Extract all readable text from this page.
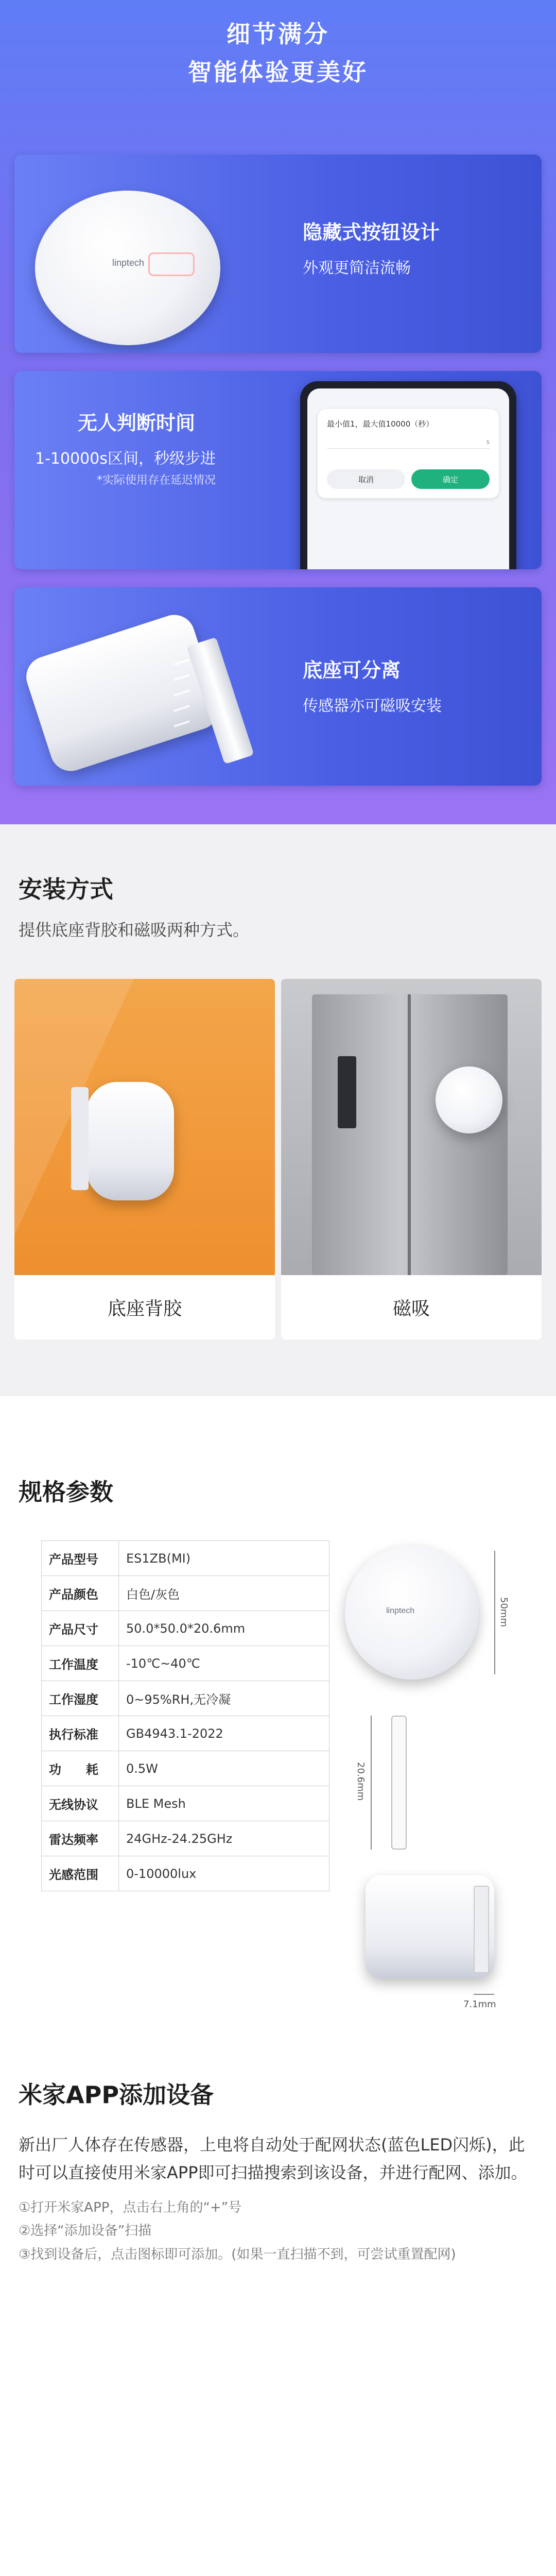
细节满分
智能体验更美好
linptech
隐藏式按钮设计
外观更简洁流畅
无人判断时间
1-10000s区间，秒级步进
*实际使用存在延迟情况
最小值1，最大值10000（秒）
s
取消	确定
底座可分离
传感器亦可磁吸安装
安装方式
提供底座背胶和磁吸两种方式。
底座背胶	磁吸
规格参数
产品型号	ES1ZB(MI)
产品颜色	白色/灰色
产品尺寸	50.0*50.0*20.6mm
工作温度	-10℃~40℃
工作湿度	0~95%RH,无冷凝
执行标准	GB4943.1-2022
功　　耗	0.5W
无线协议	BLE Mesh
雷达频率	24GHz-24.25GHz
光感范围	0-10000lux
linptech	50mm
20.6mm
7.1mm
米家APP添加设备
新出厂人体存在传感器，上电将自动处于配网状态(蓝色LED闪烁)，此时可以直接使用米家APP即可扫描搜索到该设备，并进行配网、添加。
①打开米家APP，点击右上角的“+”号
②选择“添加设备”扫描
③找到设备后，点击图标即可添加。(如果一直扫描不到，可尝试重置配网)
